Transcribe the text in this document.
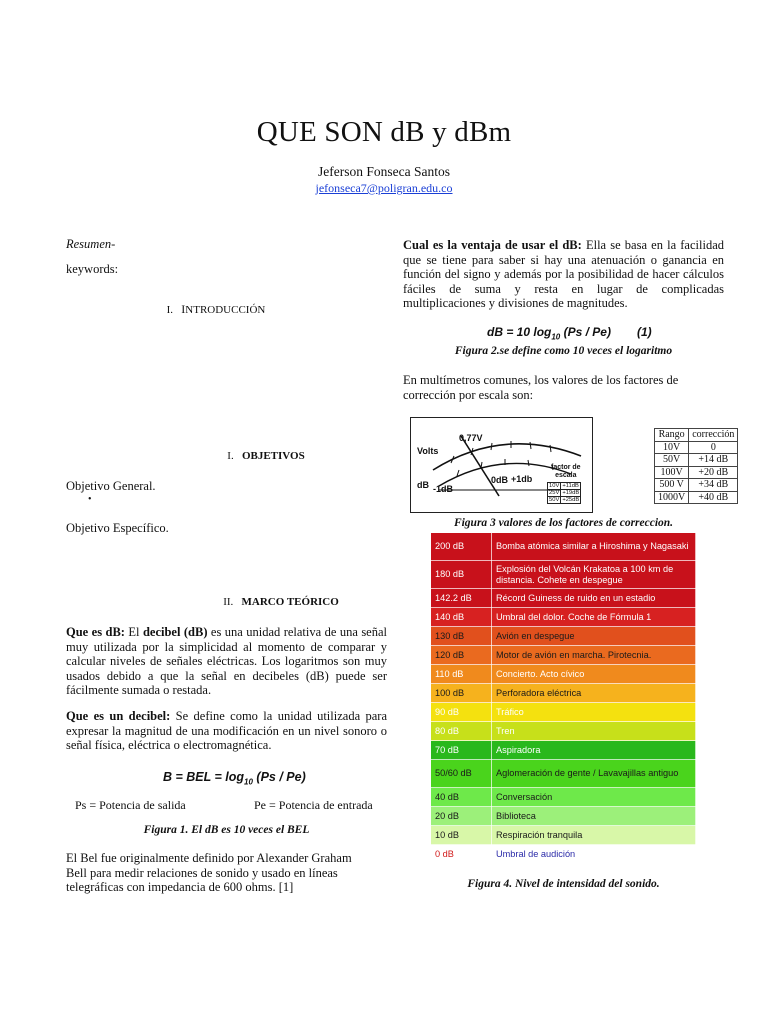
QUE SON dB y dBm
Jeferson Fonseca Santos
jefonseca7@poligran.edu.co
Resumen-
keywords:
I. INTRODUCCIÓN
I. OBJETIVOS
Objetivo General.
•
Objetivo Específico.
II. MARCO TEÓRICO
Que es dB: El decibel (dB) es una unidad relativa de una señal muy utilizada por la simplicidad al momento de comparar y calcular niveles de señales eléctricas. Los logaritmos son muy usados debido a que la señal en decibeles (dB) puede ser fácilmente sumada o restada.
Que es un decibel: Se define como la unidad utilizada para expresar la magnitud de una modificación en un nivel sonoro o señal física, eléctrica o electromagnética.
B = BEL = $\log_{10} (Ps / Pe)$
Ps = Potencia de salida	Pe = Potencia de entrada
Figura 1. El dB es 10 veces el BEL
El Bel fue originalmente definido por Alexander Graham Bell para medir relaciones de sonido y usado en líneas telegráficas con impedancia de 600 ohms. [1]
Cual es la ventaja de usar el dB: Ella se basa en la facilidad que se tiene para saber si hay una atenuación o ganancia en función del signo y además por la posibilidad de hacer cálculos fáciles de suma y resta en lugar de complicadas multiplicaciones y divisiones de magnitudes.
dB = 10 $\log_{10} (Ps / Pe)$ (1)
Figura 2.se define como 10 veces el logaritmo
En multímetros comunes, los valores de los factores de corrección por escala son:
Volts
0,77V
dB -1dB
0dB +1db
factor de
escala
10V	+11dB
25V	+19dB
50V	+25dB
Rango	corrección
10V	0
50V	+14 dB
100V	+20 dB
500 V	+34 dB
1000V	+40 dB
Figura 3 valores de los factores de correccion.
200 dB	Bomba atómica similar a Hiroshima y Nagasaki
180 dB	Explosión del Volcán Krakatoa a 100 km de distancia. Cohete en despegue
142.2 dB	Récord Guiness de ruido en un estadio
140 dB	Umbral del dolor. Coche de Fórmula 1
130 dB	Avión en despegue
120 dB	Motor de avión en marcha. Pirotecnia.
110 dB	Concierto. Acto cívico
100 dB	Perforadora eléctrica
90 dB	Tráfico
80 dB	Tren
70 dB	Aspiradora
50/60 dB	Aglomeración de gente / Lavavajillas antiguo
40 dB	Conversación
20 dB	Biblioteca
10 dB	Respiración tranquila
0 dB	Umbral de audición
Figura 4. Nivel de intensidad del sonido.
